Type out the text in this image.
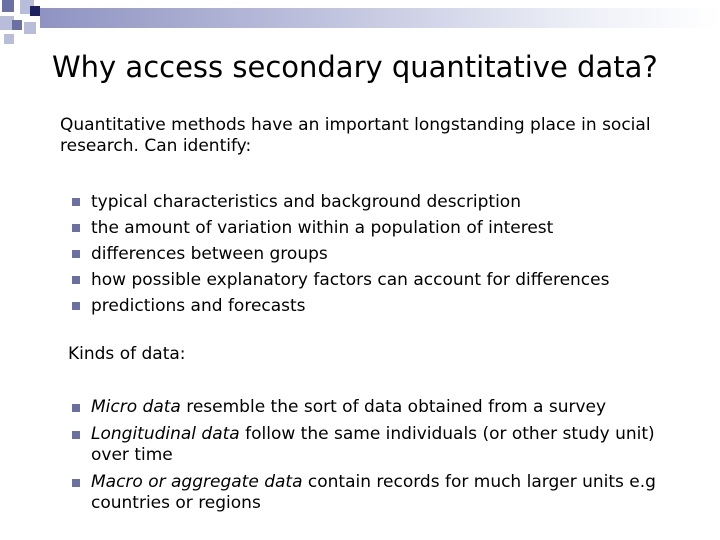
Why access secondary quantitative data?

Quantitative methods have an important longstanding place in social research. Can identify:

typical characteristics and background description
the amount of variation within a population of interest
differences between groups
how possible explanatory factors can account for differences
predictions and forecasts

Kinds of data:

Micro data resemble the sort of data obtained from a survey
Longitudinal data follow the same individuals (or other study unit) over time
Macro or aggregate data contain records for much larger units e.g countries or regions
